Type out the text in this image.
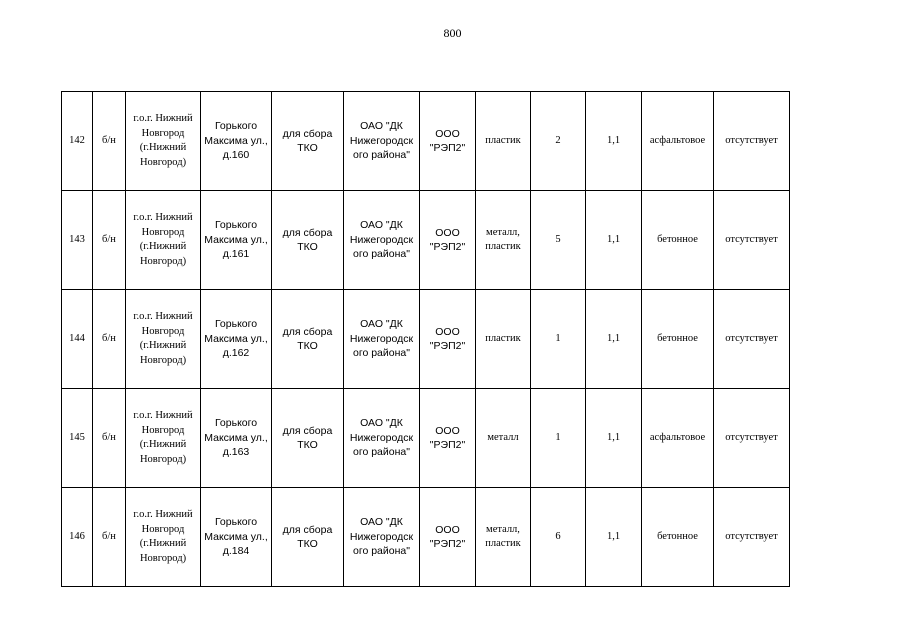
800
142	б/н	г.о.г. Нижний
Новгород
(г.Нижний
Новгород)	Горького
Максима ул.,
д.160	для сбора
ТКО	ОАО "ДК
Нижегородск
ого района"	ООО
"РЭП2"	пластик	2	1,1	асфальтовое	отсутствует

143	б/н	г.о.г. Нижний
Новгород
(г.Нижний
Новгород)	Горького
Максима ул.,
д.161	для сбора
ТКО	ОАО "ДК
Нижегородск
ого района"	ООО
"РЭП2"	металл,
пластик	5	1,1	бетонное	отсутствует

144	б/н	г.о.г. Нижний
Новгород
(г.Нижний
Новгород)	Горького
Максима ул.,
д.162	для сбора
ТКО	ОАО "ДК
Нижегородск
ого района"	ООО
"РЭП2"	пластик	1	1,1	бетонное	отсутствует

145	б/н	г.о.г. Нижний
Новгород
(г.Нижний
Новгород)	Горького
Максима ул.,
д.163	для сбора
ТКО	ОАО "ДК
Нижегородск
ого района"	ООО
"РЭП2"	металл	1	1,1	асфальтовое	отсутствует

146	б/н	г.о.г. Нижний
Новгород
(г.Нижний
Новгород)	Горького
Максима ул.,
д.184	для сбора
ТКО	ОАО "ДК
Нижегородск
ого района"	ООО
"РЭП2"	металл,
пластик	6	1,1	бетонное	отсутствует
